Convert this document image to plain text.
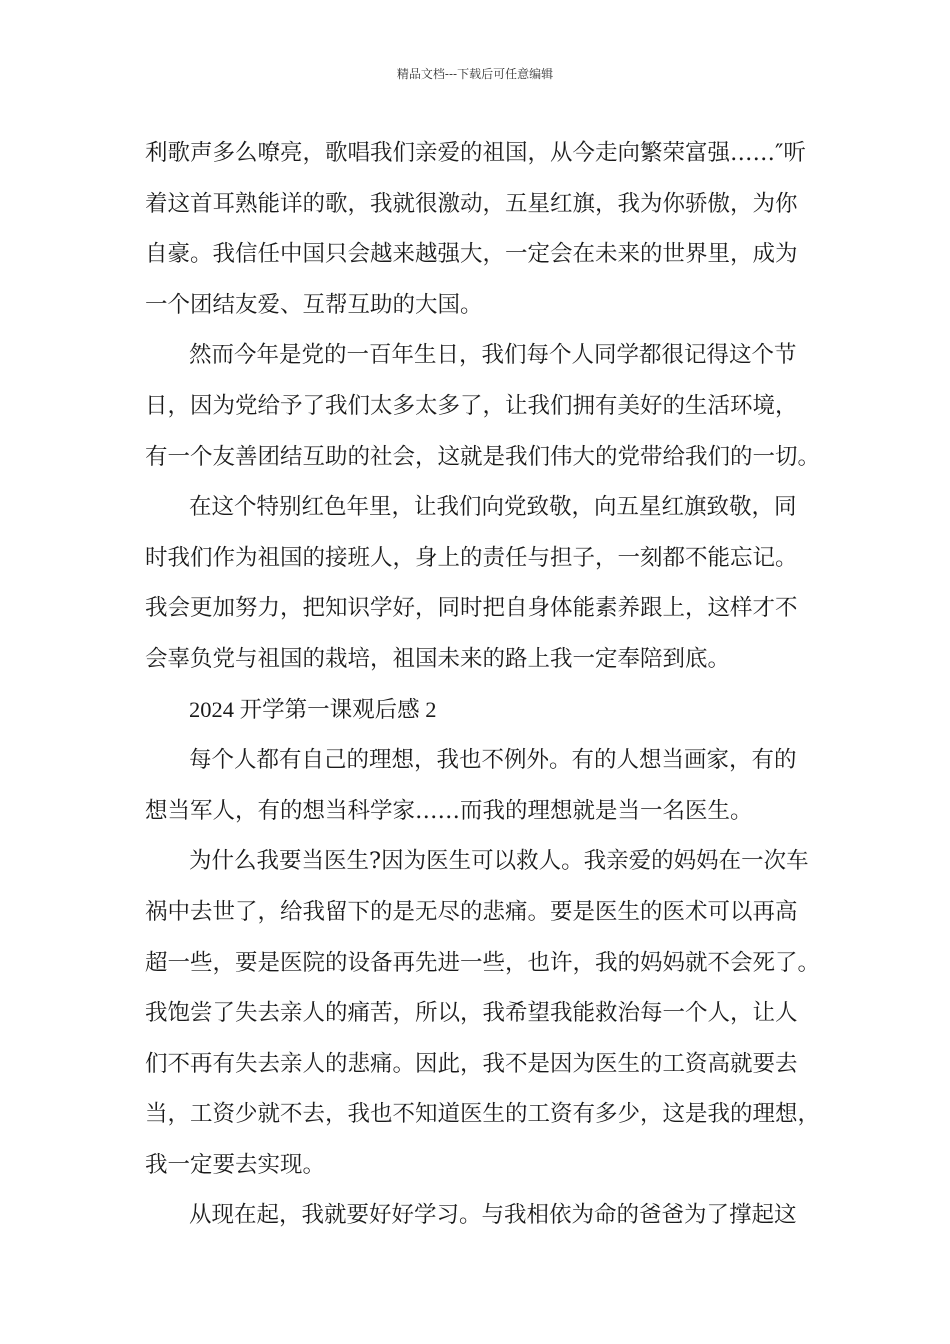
精品文档---下载后可任意编辑
利歌声多么嘹亮，歌唱我们亲爱的祖国，从今走向繁荣富强……″听
着这首耳熟能详的歌，我就很激动，五星红旗，我为你骄傲，为你
自豪。我信任中国只会越来越强大，一定会在未来的世界里，成为
一个团结友爱、互帮互助的大国。
然而今年是党的一百年生日，我们每个人同学都很记得这个节
日，因为党给予了我们太多太多了，让我们拥有美好的生活环境，
有一个友善团结互助的社会，这就是我们伟大的党带给我们的一切。
在这个特别红色年里，让我们向党致敬，向五星红旗致敬，同
时我们作为祖国的接班人，身上的责任与担子，一刻都不能忘记。
我会更加努力，把知识学好，同时把自身体能素养跟上，这样才不
会辜负党与祖国的栽培，祖国未来的路上我一定奉陪到底。
2024 开学第一课观后感 2
每个人都有自己的理想，我也不例外。有的人想当画家，有的
想当军人，有的想当科学家……而我的理想就是当一名医生。
为什么我要当医生?因为医生可以救人。我亲爱的妈妈在一次车
祸中去世了，给我留下的是无尽的悲痛。要是医生的医术可以再高
超一些，要是医院的设备再先进一些，也许，我的妈妈就不会死了。
我饱尝了失去亲人的痛苦，所以，我希望我能救治每一个人，让人
们不再有失去亲人的悲痛。因此，我不是因为医生的工资高就要去
当，工资少就不去，我也不知道医生的工资有多少，这是我的理想，
我一定要去实现。
从现在起，我就要好好学习。与我相依为命的爸爸为了撑起这
